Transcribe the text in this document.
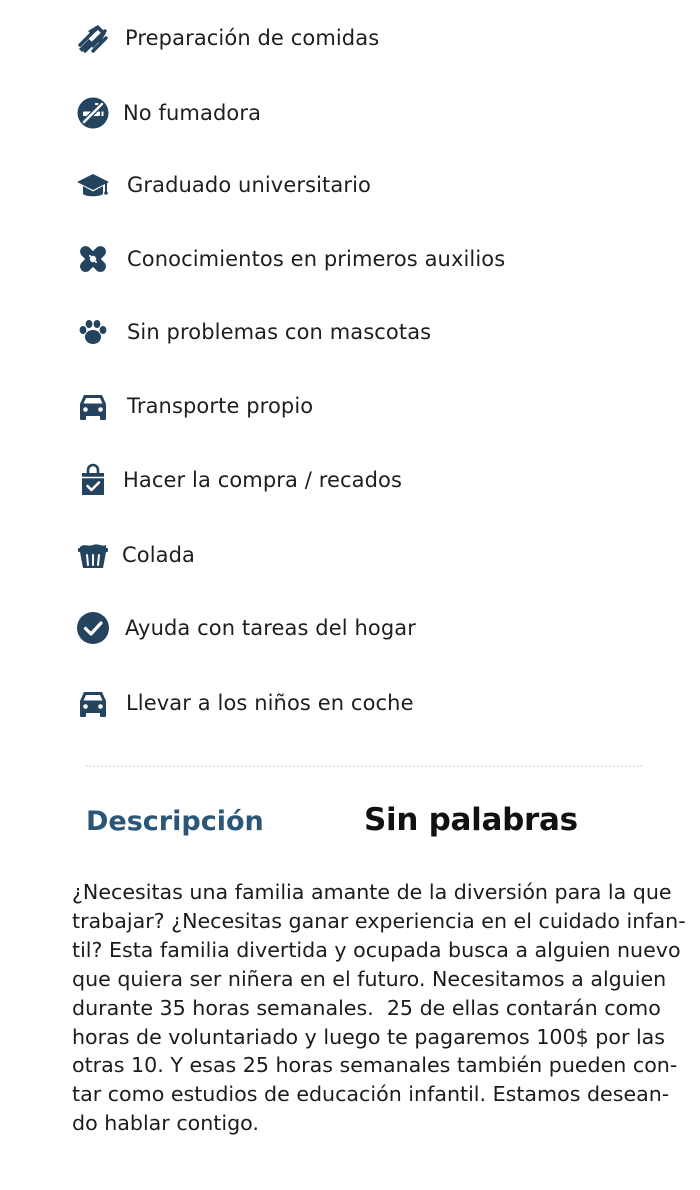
Preparación de comidas
No fumadora
Graduado universitario
Conocimientos en primeros auxilios
Sin problemas con mascotas
Transporte propio
Hacer la compra / recados
Colada
Ayuda con tareas del hogar
Llevar a los niños en coche
Descripción	Sin palabras
¿Necesitas una familia amante de la diversión para la que
trabajar? ¿Necesitas ganar experiencia en el cuidado infan-
til? Esta familia divertida y ocupada busca a alguien nuevo
que quiera ser niñera en el futuro. Necesitamos a alguien
durante 35 horas semanales.  25 de ellas contarán como
horas de voluntariado y luego te pagaremos 100$ por las
otras 10. Y esas 25 horas semanales también pueden con-
tar como estudios de educación infantil. Estamos desean-
do hablar contigo.
